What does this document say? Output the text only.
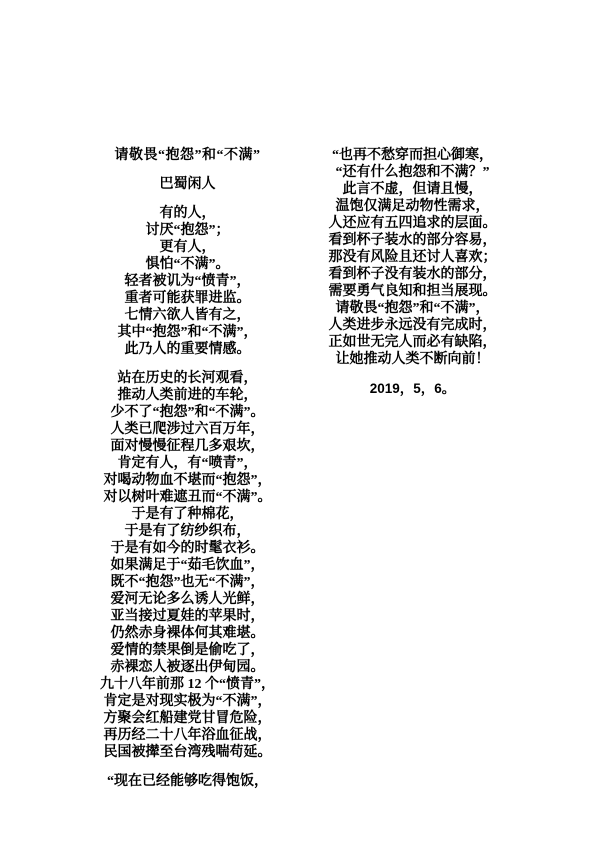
请敬畏“抱怨”和“不满”
巴蜀闲人
有的人，
讨厌“抱怨”；
更有人，
惧怕“不满”。
轻者被讥为“愤青”，
重者可能获罪进监。
七情六欲人皆有之，
其中“抱怨”和“不满”，
此乃人的重要情感。
站在历史的长河观看，
推动人类前进的车轮，
少不了“抱怨”和“不满”。
人类已爬涉过六百万年，
面对慢慢征程几多艰坎，
肯定有人，有“喷青”，
对喝动物血不堪而“抱怨”，
对以树叶难遮丑而“不满”。
于是有了种棉花，
于是有了纺纱织布，
于是有如今的时髦衣衫。
如果满足于“茹毛饮血”，
既不“抱怨”也无“不满”，
爱河无论多么诱人光鲜，
亚当接过夏娃的苹果时，
仍然赤身裸体何其难堪。
爱情的禁果倒是偷吃了，
赤裸恋人被逐出伊甸园。
九十八年前那 12 个“愤青”，
肯定是对现实极为“不满”，
方聚会红船建党甘冒危险，
再历经二十八年浴血征战，
民国被撵至台湾残喘苟延。
“现在已经能够吃得饱饭，
“也再不愁穿而担心御寒，
“还有什么抱怨和不满？”
此言不虚，但请且慢，
温饱仅满足动物性需求，
人还应有五四追求的层面。
看到杯子装水的部分容易，
那没有风险且还讨人喜欢；
看到杯子没有装水的部分，
需要勇气良知和担当展现。
请敬畏“抱怨”和“不满”，
人类进步永远没有完成时，
正如世无完人而必有缺陷，
让她推动人类不断向前！
2019，5，6。
